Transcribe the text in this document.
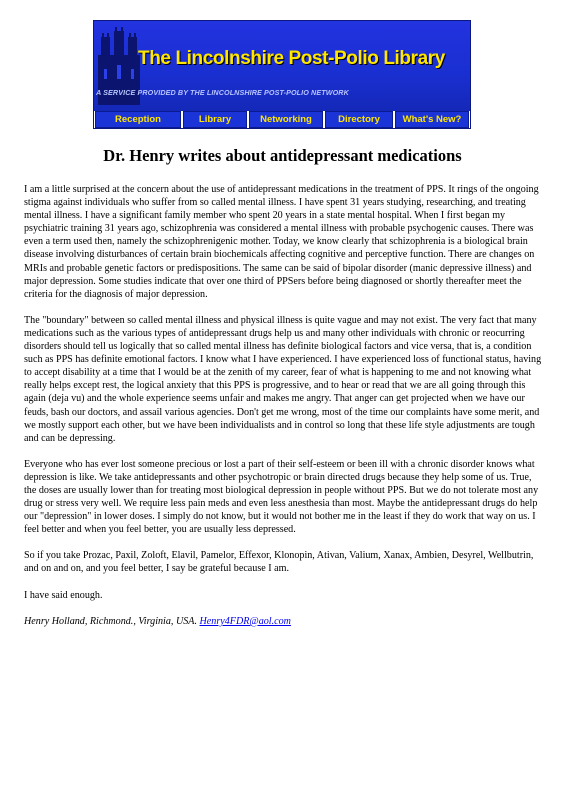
The Lincolnshire Post-Polio Library
A SERVICE PROVIDED BY THE LINCOLNSHIRE POST-POLIO NETWORK
Reception	Library	Networking	Directory	What's New?
Dr. Henry writes about antidepressant medications

I am a little surprised at the concern about the use of antidepressant medications in the treatment of PPS. It rings of the ongoing stigma against individuals who suffer from so called mental illness. I have spent 31 years studying, researching, and treating mental illness. I have a significant family member who spent 20 years in a state mental hospital. When I first began my psychiatric training 31 years ago, schizophrenia was considered a mental illness with probable psychogenic causes. There was even a term used then, namely the schizophrenigenic mother. Today, we know clearly that schizophrenia is a biological brain disease involving disturbances of certain brain biochemicals affecting cognitive and perceptive function. There are changes on MRIs and probable genetic factors or predispositions. The same can be said of bipolar disorder (manic depressive illness) and major depression. Some studies indicate that over one third of PPSers before being diagnosed or shortly thereafter meet the criteria for the diagnosis of major depression.

The "boundary" between so called mental illness and physical illness is quite vague and may not exist. The very fact that many medications such as the various types of antidepressant drugs help us and many other individuals with chronic or reocurring disorders should tell us logically that so called mental illness has definite biological factors and vice versa, that is, a condition such as PPS has definite emotional factors. I know what I have experienced. I have experienced loss of functional status, having to accept disability at a time that I would be at the zenith of my career, fear of what is happening to me and not knowing what really helps except rest, the logical anxiety that this PPS is progressive, and to hear or read that we are all going through this again (deja vu) and the whole experience seems unfair and makes me angry. That anger can get projected when we have our feuds, bash our doctors, and assail various agencies. Don't get me wrong, most of the time our complaints have some merit, and we mostly support each other, but we have been individualists and in control so long that these life style adjustments are tough and can be depressing.

Everyone who has ever lost someone precious or lost a part of their self-esteem or been ill with a chronic disorder knows what depression is like. We take antidepressants and other psychotropic or brain directed drugs because they help some of us. True, the doses are usually lower than for treating most biological depression in people without PPS. But we do not tolerate most any drug or stress very well. We require less pain meds and even less anesthesia than most. Maybe the antidepressant drugs do help our "depression" in lower doses. I simply do not know, but it would not bother me in the least if they do work that way on us. I feel better and when you feel better, you are usually less depressed.

So if you take Prozac, Paxil, Zoloft, Elavil, Pamelor, Effexor, Klonopin, Ativan, Valium, Xanax, Ambien, Desyrel, Wellbutrin, and on and on, and you feel better, I say be grateful because I am.

I have said enough.

Henry Holland, Richmond., Virginia, USA. Henry4FDR@aol.com
